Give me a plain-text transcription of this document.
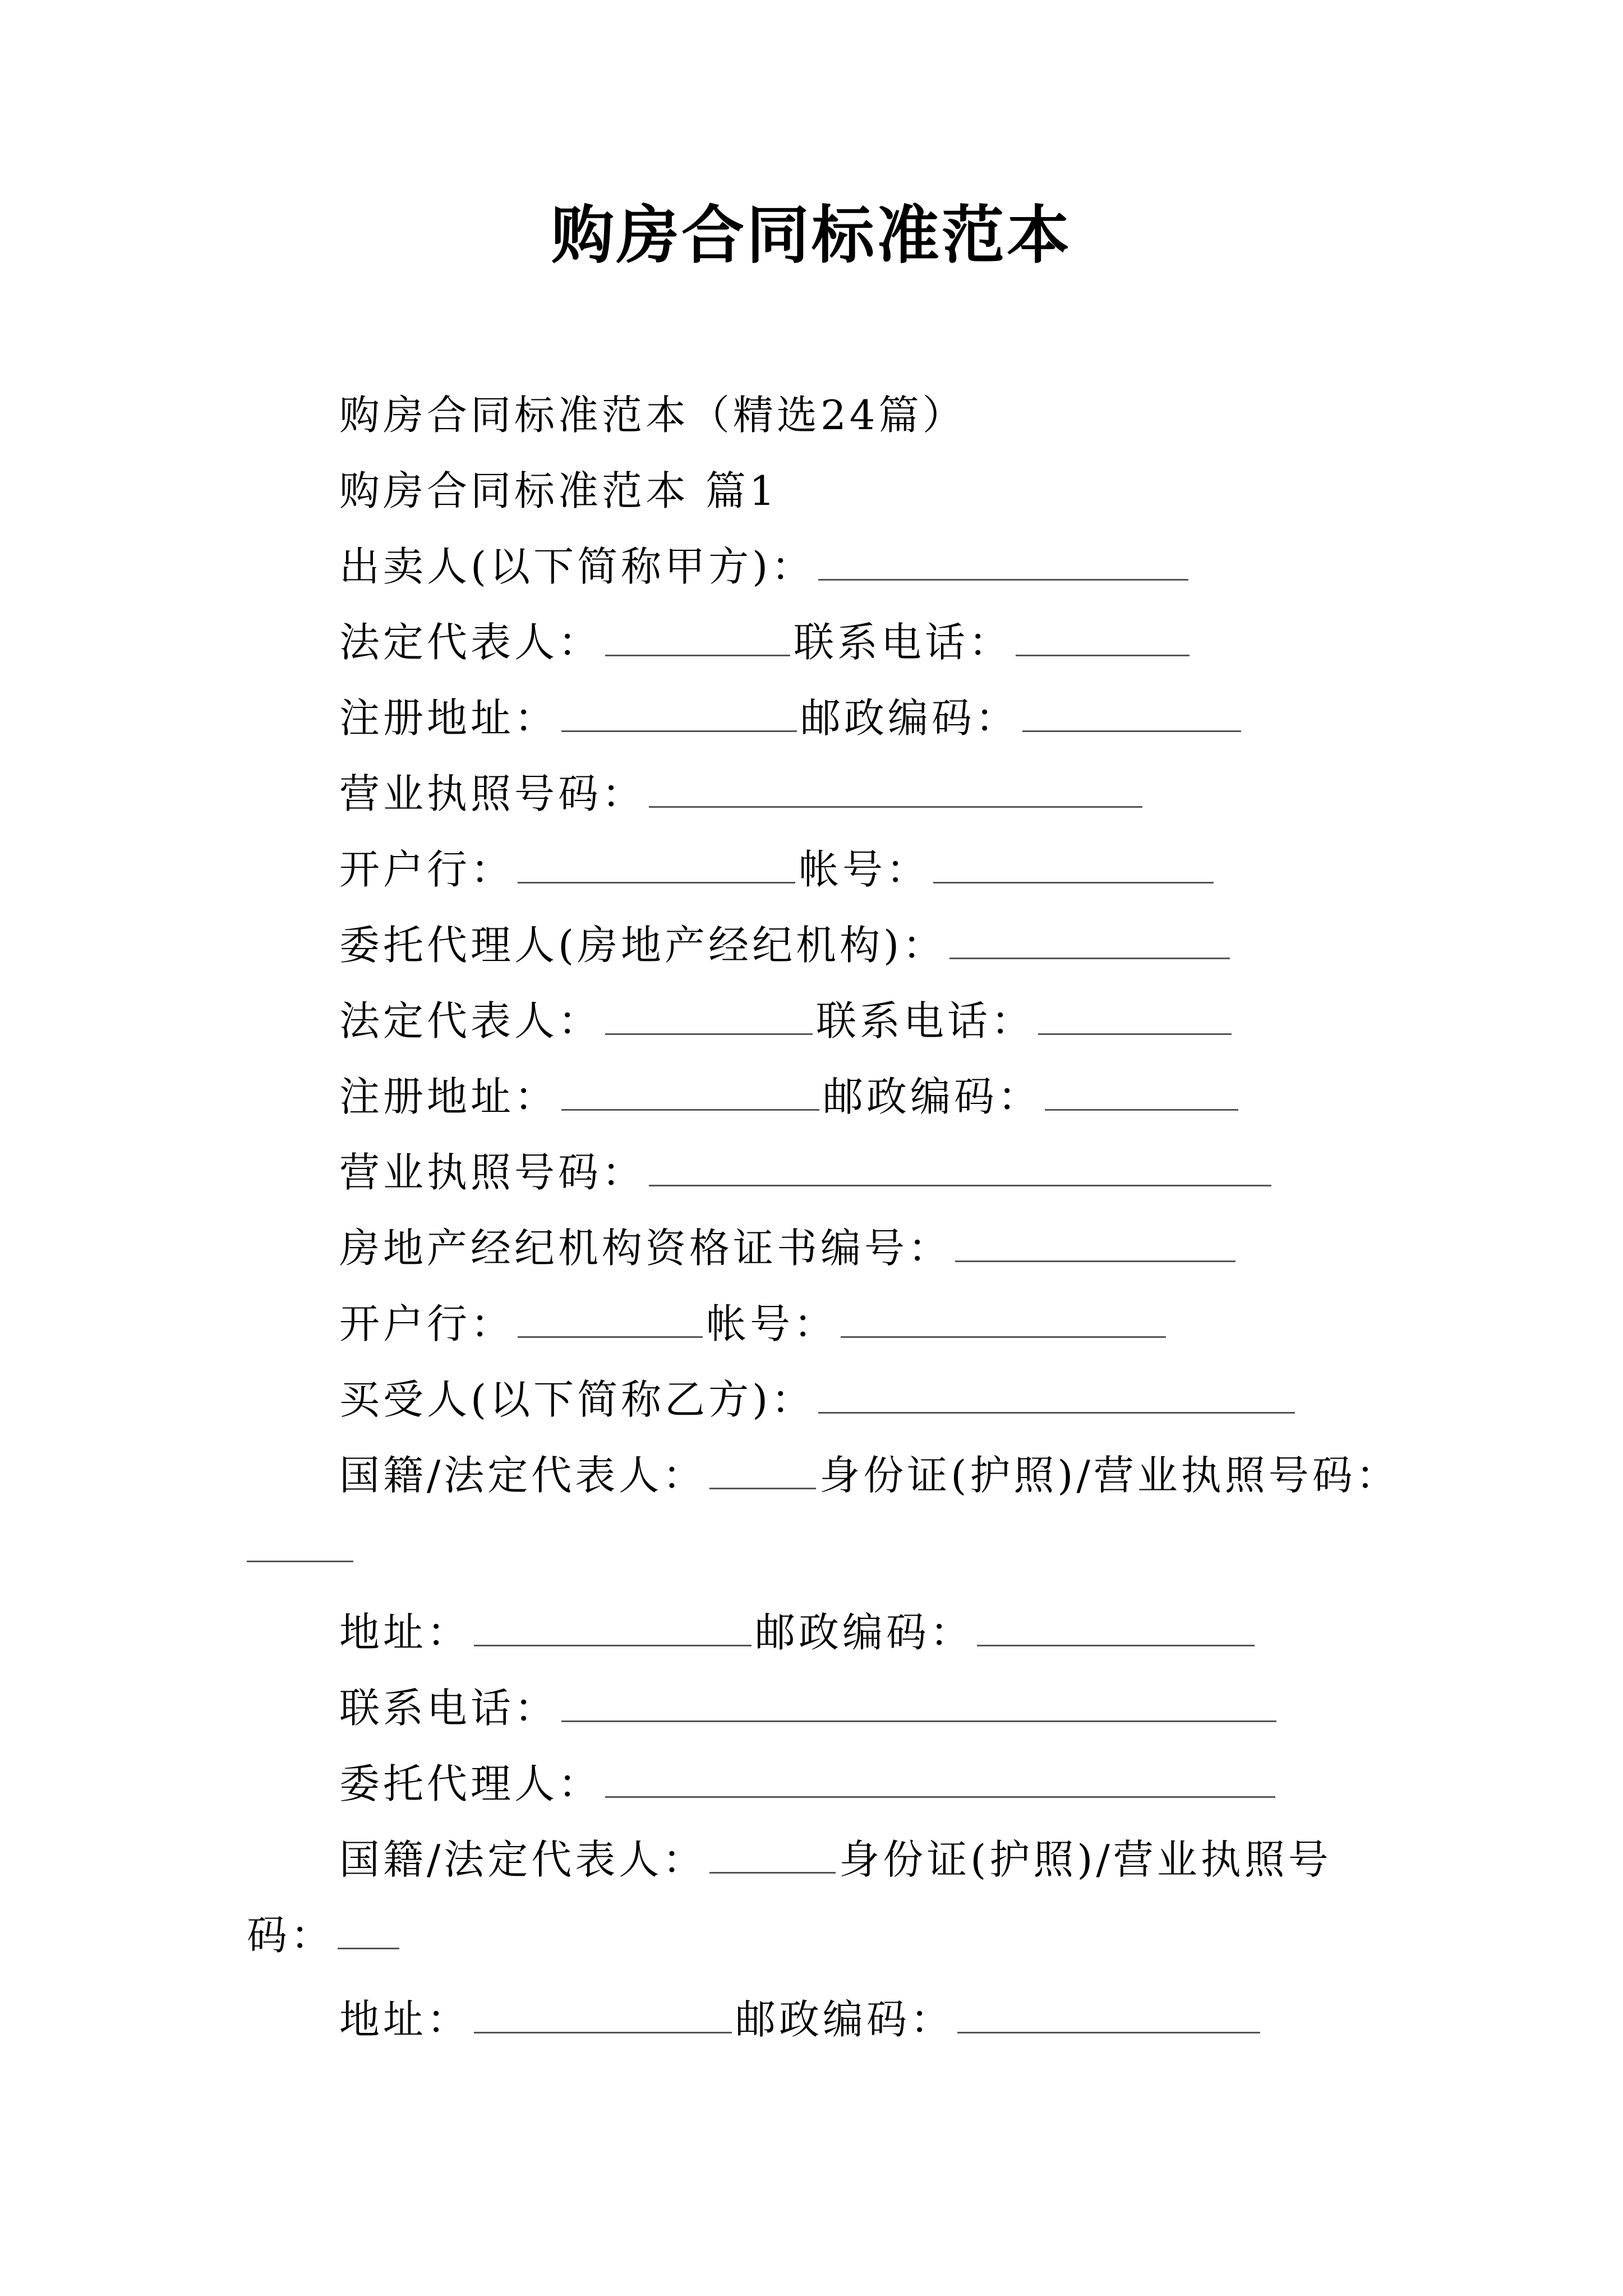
购房合同标准范本
购房合同标准范本（精选24篇）
购房合同标准范本 篇1
出卖人(以下简称甲方)：
法定代表人：	联系电话：
注册地址：	邮政编码：
营业执照号码：
开户行：	帐号：
委托代理人(房地产经纪机构)：
法定代表人：	联系电话：
注册地址：	邮政编码：
营业执照号码：
房地产经纪机构资格证书编号：
开户行：	帐号：
买受人(以下简称乙方)：
国籍/法定代表人：	身份证(护照)/营业执照号码：
地址：	邮政编码：
联系电话：
委托代理人：
国籍/法定代表人：	身份证(护照)/营业执照号
码：
地址：	邮政编码：
